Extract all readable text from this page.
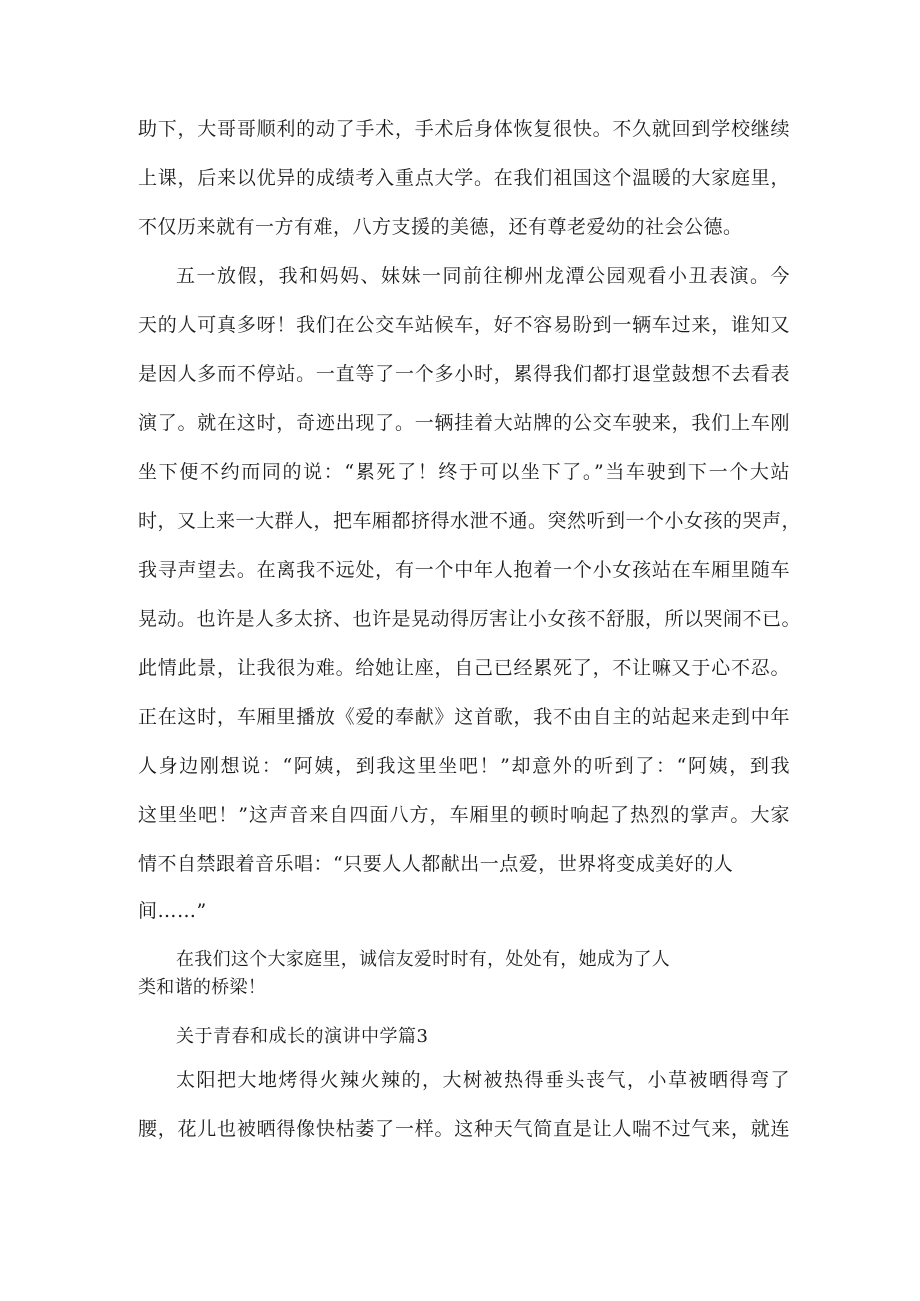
助下，大哥哥顺利的动了手术，手术后身体恢复很快。不久就回到学校继续
上课，后来以优异的成绩考入重点大学。在我们祖国这个温暖的大家庭里，
不仅历来就有一方有难，八方支援的美德，还有尊老爱幼的社会公德。
五一放假，我和妈妈、妹妹一同前往柳州龙潭公园观看小丑表演。今
天的人可真多呀！我们在公交车站候车，好不容易盼到一辆车过来，谁知又
是因人多而不停站。一直等了一个多小时，累得我们都打退堂鼓想不去看表
演了。就在这时，奇迹出现了。一辆挂着大站牌的公交车驶来，我们上车刚
坐下便不约而同的说：“累死了！终于可以坐下了。”当车驶到下一个大站
时，又上来一大群人，把车厢都挤得水泄不通。突然听到一个小女孩的哭声，
我寻声望去。在离我不远处，有一个中年人抱着一个小女孩站在车厢里随车
晃动。也许是人多太挤、也许是晃动得厉害让小女孩不舒服，所以哭闹不已。
此情此景，让我很为难。给她让座，自己已经累死了，不让嘛又于心不忍。
正在这时，车厢里播放《爱的奉献》这首歌，我不由自主的站起来走到中年
人身边刚想说：“阿姨，到我这里坐吧！”却意外的听到了：“阿姨，到我
这里坐吧！”这声音来自四面八方，车厢里的顿时响起了热烈的掌声。大家
情不自禁跟着音乐唱：“只要人人都献出一点爱，世界将变成美好的人
间……”
在我们这个大家庭里，诚信友爱时时有，处处有，她成为了人
类和谐的桥梁！
关于青春和成长的演讲中学篇3
太阳把大地烤得火辣火辣的，大树被热得垂头丧气，小草被晒得弯了
腰，花儿也被晒得像快枯萎了一样。这种天气简直是让人喘不过气来，就连
